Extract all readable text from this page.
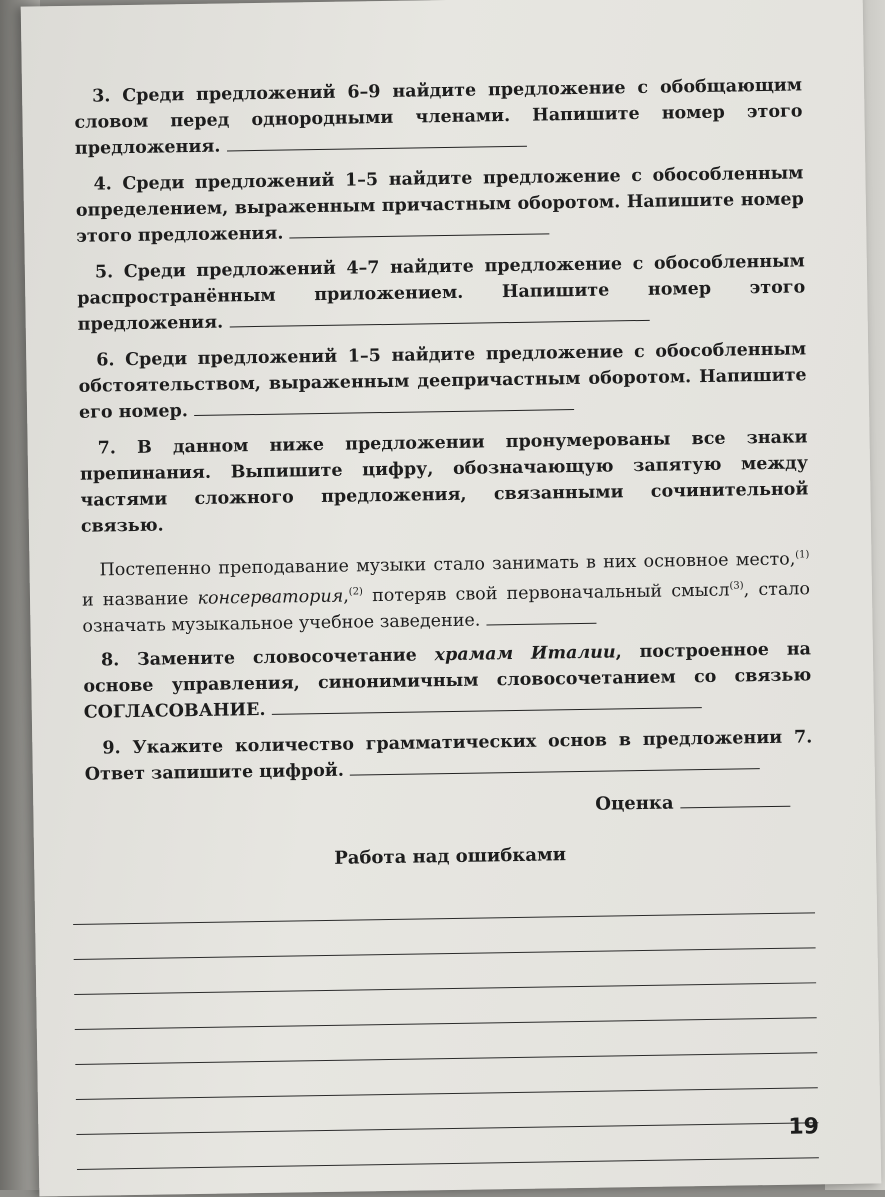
3. Среди предложений 6–9 найдите предложение с обобщающим словом перед однородными членами. Напишите номер этого предложения.
4. Среди предложений 1–5 найдите предложение с обособленным определением, выраженным причастным оборотом. Напишите номер этого предложения.
5. Среди предложений 4–7 найдите предложение с обособленным распространённым приложением. Напишите номер этого предложения.
6. Среди предложений 1–5 найдите предложение с обособленным обстоятельством, выраженным деепричастным оборотом. Напишите его номер.
7. В данном ниже предложении пронумерованы все знаки препинания. Выпишите цифру, обозначающую запятую между частями сложного предложения, связанными сочинительной связью.
Постепенно преподавание музыки стало занимать в них основное место,$^{(1)}$ и название консерватория,$^{(2)}$ потеряв свой первоначальный смысл$^{(3)}$, стало означать музыкальное учебное заведение.
8. Замените словосочетание храмам Италии, построенное на основе управления, синонимичным словосочетанием со связью СОГЛАСОВАНИЕ.
9. Укажите количество грамматических основ в предложении 7. Ответ запишите цифрой.
Оценка
Работа над ошибками
19
